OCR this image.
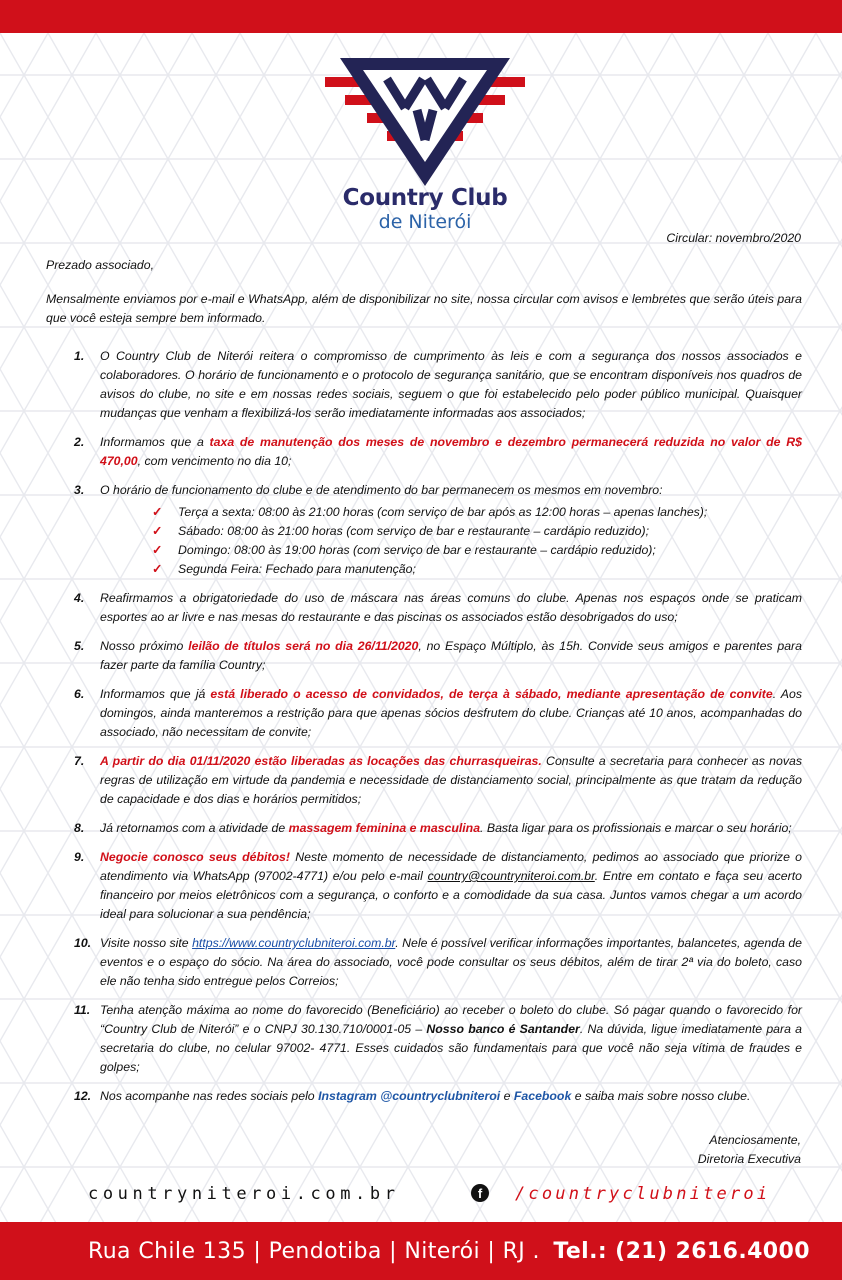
Country Club
de Niterói
Circular: novembro/2020
Prezado associado,
Mensalmente enviamos por e-mail e WhatsApp, além de disponibilizar no site, nossa circular com avisos e lembretes que serão úteis para que você esteja sempre bem informado.
1.	O Country Club de Niterói reitera o compromisso de cumprimento às leis e com a segurança dos nossos associados e colaboradores. O horário de funcionamento e o protocolo de segurança sanitário, que se encontram disponíveis nos quadros de avisos do clube, no site e em nossas redes sociais, seguem o que foi estabelecido pelo poder público municipal. Quaisquer mudanças que venham a flexibilizá-los serão imediatamente informadas aos associados;
2.	Informamos que a taxa de manutenção dos meses de novembro e dezembro permanecerá reduzida no valor de R$ 470,00, com vencimento no dia 10;
3.	O horário de funcionamento do clube e de atendimento do bar permanecem os mesmos em novembro:
✓ Terça a sexta: 08:00 às 21:00 horas (com serviço de bar após as 12:00 horas – apenas lanches);
✓ Sábado: 08:00 às 21:00 horas (com serviço de bar e restaurante – cardápio reduzido);
✓ Domingo: 08:00 às 19:00 horas (com serviço de bar e restaurante – cardápio reduzido);
✓ Segunda Feira: Fechado para manutenção;
4.	Reafirmamos a obrigatoriedade do uso de máscara nas áreas comuns do clube. Apenas nos espaços onde se praticam esportes ao ar livre e nas mesas do restaurante e das piscinas os associados estão desobrigados do uso;
5.	Nosso próximo leilão de títulos será no dia 26/11/2020, no Espaço Múltiplo, às 15h. Convide seus amigos e parentes para fazer parte da família Country;
6.	Informamos que já está liberado o acesso de convidados, de terça à sábado, mediante apresentação de convite. Aos domingos, ainda manteremos a restrição para que apenas sócios desfrutem do clube. Crianças até 10 anos, acompanhadas do associado, não necessitam de convite;
7.	A partir do dia 01/11/2020 estão liberadas as locações das churrasqueiras. Consulte a secretaria para conhecer as novas regras de utilização em virtude da pandemia e necessidade de distanciamento social, principalmente as que tratam da redução de capacidade e dos dias e horários permitidos;
8.	Já retornamos com a atividade de massagem feminina e masculina. Basta ligar para os profissionais e marcar o seu horário;
9.	Negocie conosco seus débitos! Neste momento de necessidade de distanciamento, pedimos ao associado que priorize o atendimento via WhatsApp (97002-4771) e/ou pelo e-mail country@countryniteroi.com.br. Entre em contato e faça seu acerto financeiro por meios eletrônicos com a segurança, o conforto e a comodidade da sua casa. Juntos vamos chegar a um acordo ideal para solucionar a sua pendência;
10. Visite nosso site https://www.countryclubniteroi.com.br. Nele é possível verificar informações importantes, balancetes, agenda de eventos e o espaço do sócio. Na área do associado, você pode consultar os seus débitos, além de tirar 2ª via do boleto, caso ele não tenha sido entregue pelos Correios;
11. Tenha atenção máxima ao nome do favorecido (Beneficiário) ao receber o boleto do clube. Só pagar quando o favorecido for “Country Club de Niterói” e o CNPJ 30.130.710/0001-05 – Nosso banco é Santander. Na dúvida, ligue imediatamente para a secretaria do clube, no celular 97002- 4771. Esses cuidados são fundamentais para que você não seja vítima de fraudes e golpes;
12. Nos acompanhe nas redes sociais pelo Instagram @countryclubniteroi e Facebook e saiba mais sobre nosso clube.
Atenciosamente,
Diretoria Executiva
countryniteroi.com.br	f	/countryclubniteroi
Rua Chile 135 | Pendotiba | Niterói | RJ . Tel.: (21) 2616.4000
